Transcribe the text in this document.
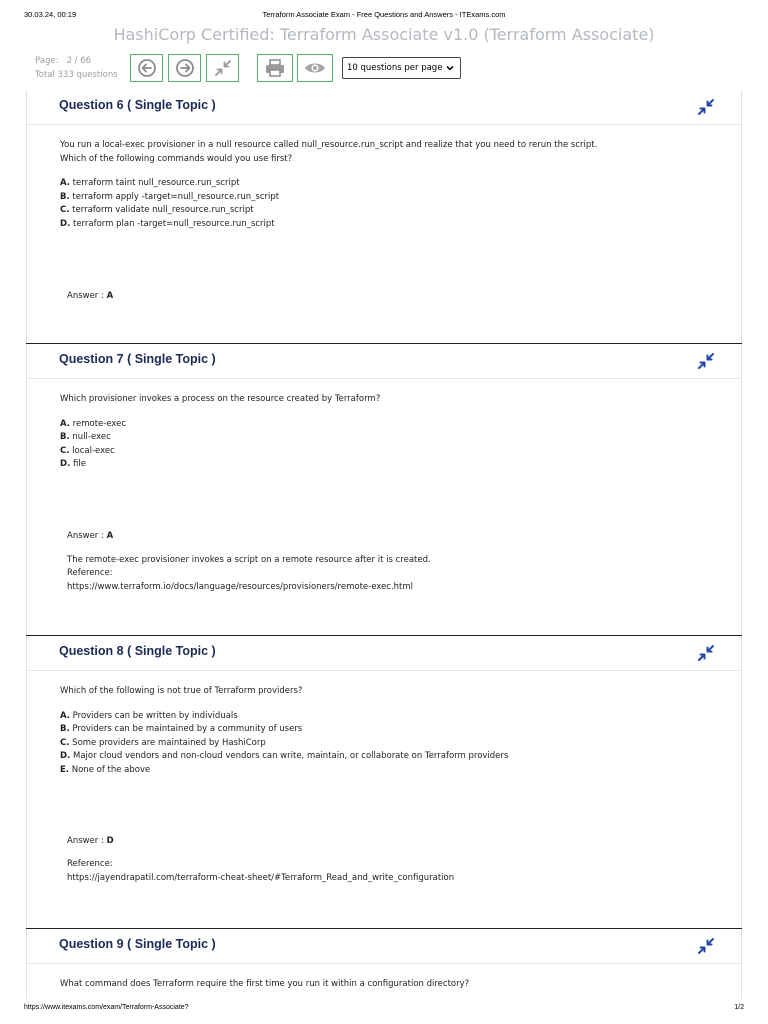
30.03.24, 00:19	Terraform Associate Exam - Free Questions and Answers - ITExams.com
HashiCorp Certified: Terraform Associate v1.0 (Terraform Associate)
Page: 2 / 66
Total 333 questions
10 questions per page
Question 6 ( Single Topic )
You run a local-exec provisioner in a null resource called null_resource.run_script and realize that you need to rerun the script.
Which of the following commands would you use first?
A. terraform taint null_resource.run_script
B. terraform apply -target=null_resource.run_script
C. terraform validate null_resource.run_script
D. terraform plan -target=null_resource.run_script
Answer : A
Question 7 ( Single Topic )
Which provisioner invokes a process on the resource created by Terraform?
A. remote-exec
B. null-exec
C. local-exec
D. file
Answer : A
The remote-exec provisioner invokes a script on a remote resource after it is created.
Reference:
https://www.terraform.io/docs/language/resources/provisioners/remote-exec.html
Question 8 ( Single Topic )
Which of the following is not true of Terraform providers?
A. Providers can be written by individuals
B. Providers can be maintained by a community of users
C. Some providers are maintained by HashiCorp
D. Major cloud vendors and non-cloud vendors can write, maintain, or collaborate on Terraform providers
E. None of the above
Answer : D
Reference:
https://jayendrapatil.com/terraform-cheat-sheet/#Terraform_Read_and_write_configuration
Question 9 ( Single Topic )
What command does Terraform require the first time you run it within a configuration directory?
https://www.itexams.com/exam/Terraform-Associate?	1/2
